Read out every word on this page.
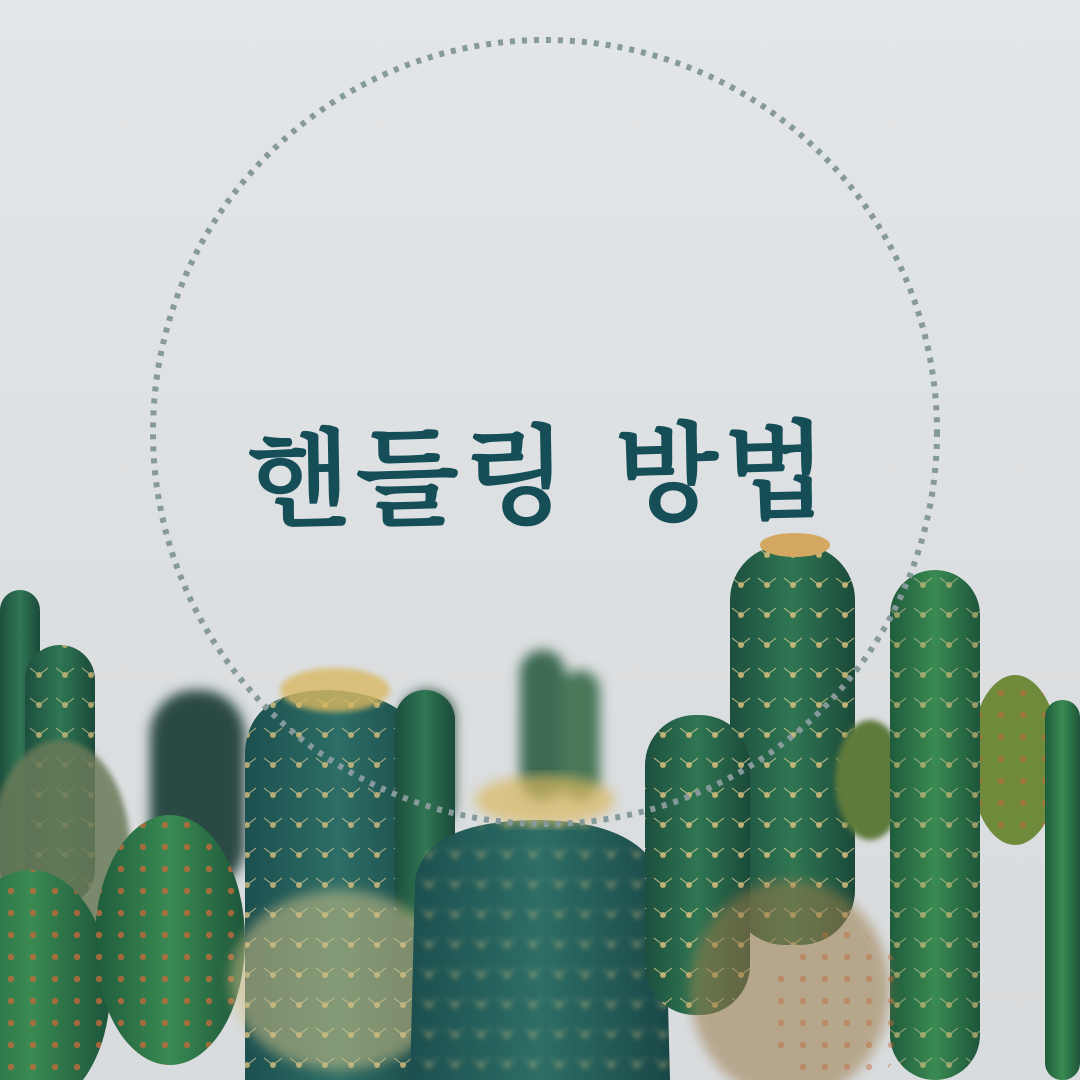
핸들링 방법
